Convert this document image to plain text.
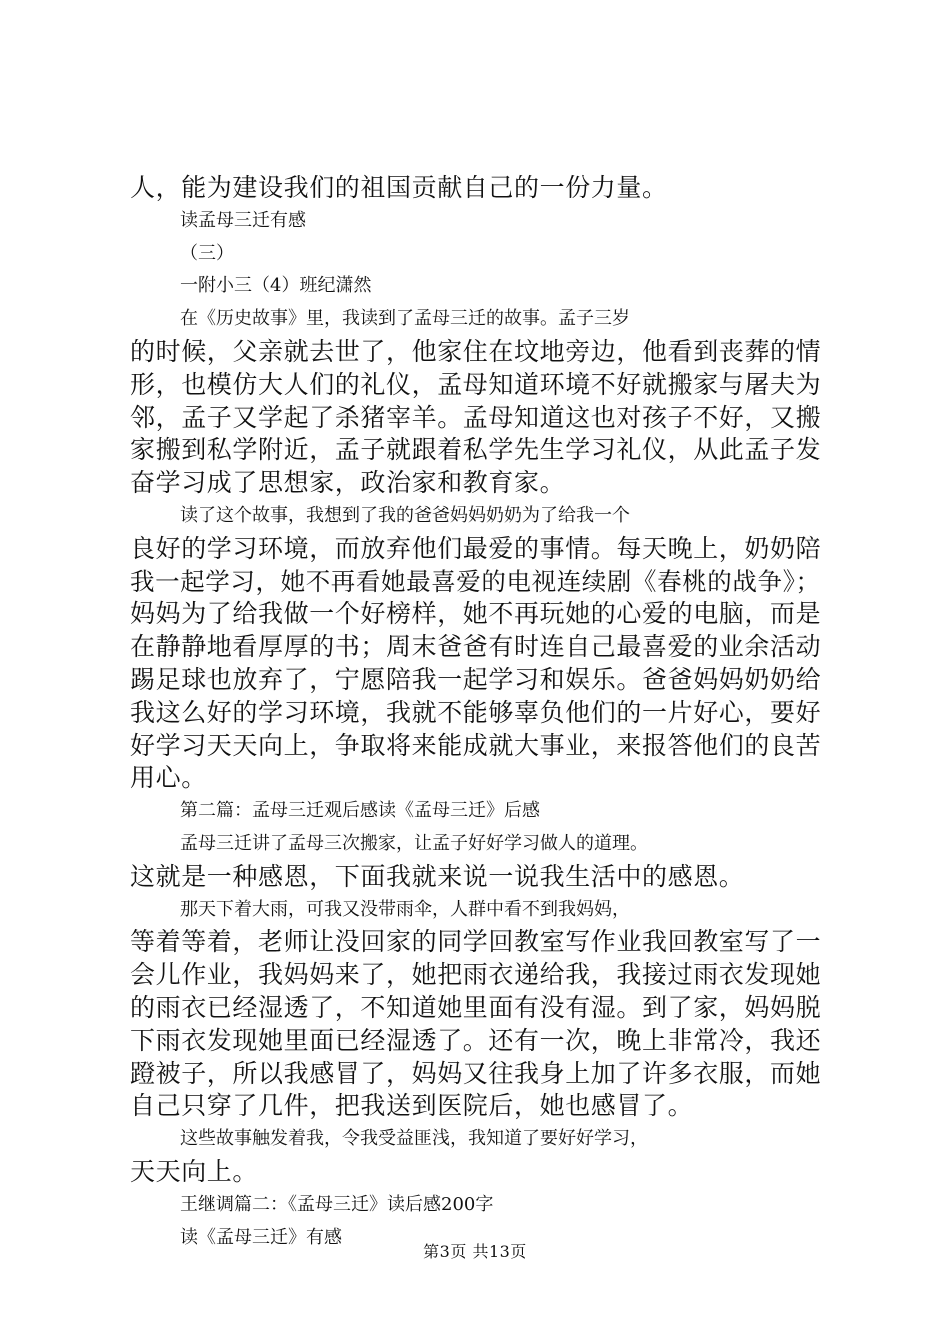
人，能为建设我们的祖国贡献自己的一份力量。
读孟母三迁有感
（三）
一附小三（4）班纪潇然
在《历史故事》里，我读到了孟母三迁的故事。孟子三岁
的时候，父亲就去世了，他家住在坟地旁边，他看到丧葬的情
形，也模仿大人们的礼仪，孟母知道环境不好就搬家与屠夫为
邻，孟子又学起了杀猪宰羊。孟母知道这也对孩子不好，又搬
家搬到私学附近，孟子就跟着私学先生学习礼仪，从此孟子发
奋学习成了思想家，政治家和教育家。
读了这个故事，我想到了我的爸爸妈妈奶奶为了给我一个
良好的学习环境，而放弃他们最爱的事情。每天晚上，奶奶陪
我一起学习，她不再看她最喜爱的电视连续剧《春桃的战争》；
妈妈为了给我做一个好榜样，她不再玩她的心爱的电脑，而是
在静静地看厚厚的书；周末爸爸有时连自己最喜爱的业余活动
踢足球也放弃了，宁愿陪我一起学习和娱乐。爸爸妈妈奶奶给
我这么好的学习环境，我就不能够辜负他们的一片好心，要好
好学习天天向上，争取将来能成就大事业，来报答他们的良苦
用心。
第二篇：孟母三迁观后感读《孟母三迁》后感
孟母三迁讲了孟母三次搬家，让孟子好好学习做人的道理。
这就是一种感恩，下面我就来说一说我生活中的感恩。
那天下着大雨，可我又没带雨伞，人群中看不到我妈妈，
等着等着，老师让没回家的同学回教室写作业我回教室写了一
会儿作业，我妈妈来了，她把雨衣递给我，我接过雨衣发现她
的雨衣已经湿透了，不知道她里面有没有湿。到了家，妈妈脱
下雨衣发现她里面已经湿透了。还有一次，晚上非常冷，我还
蹬被子，所以我感冒了，妈妈又往我身上加了许多衣服，而她
自己只穿了几件，把我送到医院后，她也感冒了。
这些故事触发着我，令我受益匪浅，我知道了要好好学习，
天天向上。
王继调篇二：《孟母三迁》读后感200字
读《孟母三迁》有感
第3页 共13页
